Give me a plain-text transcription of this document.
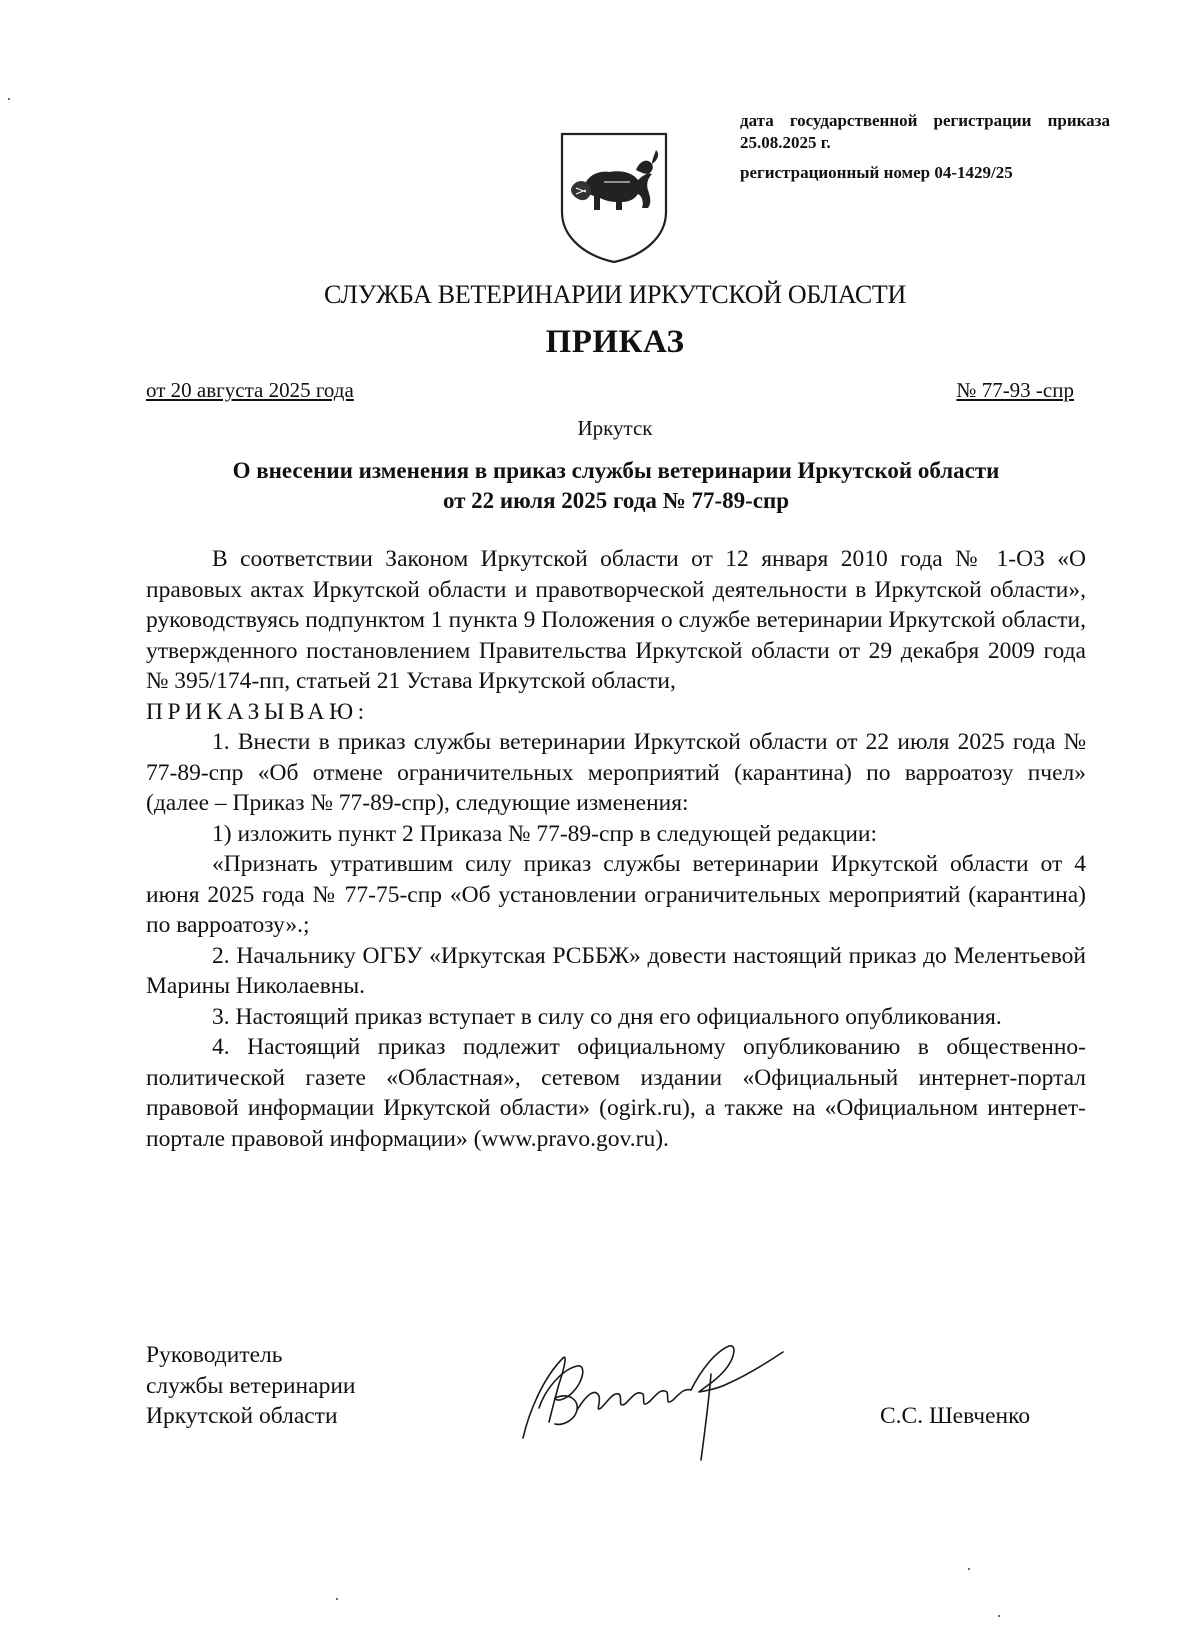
дата государственной регистрации приказа 25.08.2025 г.
регистрационный номер 04-1429/25
СЛУЖБА ВЕТЕРИНАРИИ ИРКУТСКОЙ ОБЛАСТИ
ПРИКАЗ
от 20 августа 2025 года	№ 77-93 -спр
Иркутск
О внесении изменения в приказ службы ветеринарии Иркутской области
от 22 июля 2025 года № 77-89-спр

В соответствии Законом Иркутской области от 12 января 2010 года № 1-ОЗ «О правовых актах Иркутской области и правотворческой деятельности в Иркутской области», руководствуясь подпунктом 1 пункта 9 Положения о службе ветеринарии Иркутской области, утвержденного постановлением Правительства Иркутской области от 29 декабря 2009 года № 395/174-пп, статьей 21 Устава Иркутской области,

ПРИКАЗЫВАЮ:

1. Внести в приказ службы ветеринарии Иркутской области от 22 июля 2025 года № 77-89-спр «Об отмене ограничительных мероприятий (карантина) по варроатозу пчел» (далее – Приказ № 77-89-спр), следующие изменения:

1) изложить пункт 2 Приказа № 77-89-спр в следующей редакции:

«Признать утратившим силу приказ службы ветеринарии Иркутской области от 4 июня 2025 года № 77-75-спр «Об установлении ограничительных мероприятий (карантина) по варроатозу».;

2. Начальнику ОГБУ «Иркутская РСББЖ» довести настоящий приказ до Мелентьевой Марины Николаевны.

3. Настоящий приказ вступает в силу со дня его официального опубликования.

4. Настоящий приказ подлежит официальному опубликованию в общественно-политической газете «Областная», сетевом издании «Официальный интернет-портал правовой информации Иркутской области» (ogirk.ru), а также на «Официальном интернет-портале правовой информации» (www.pravo.gov.ru).

Руководитель
службы ветеринарии
Иркутской области	С.С. Шевченко
